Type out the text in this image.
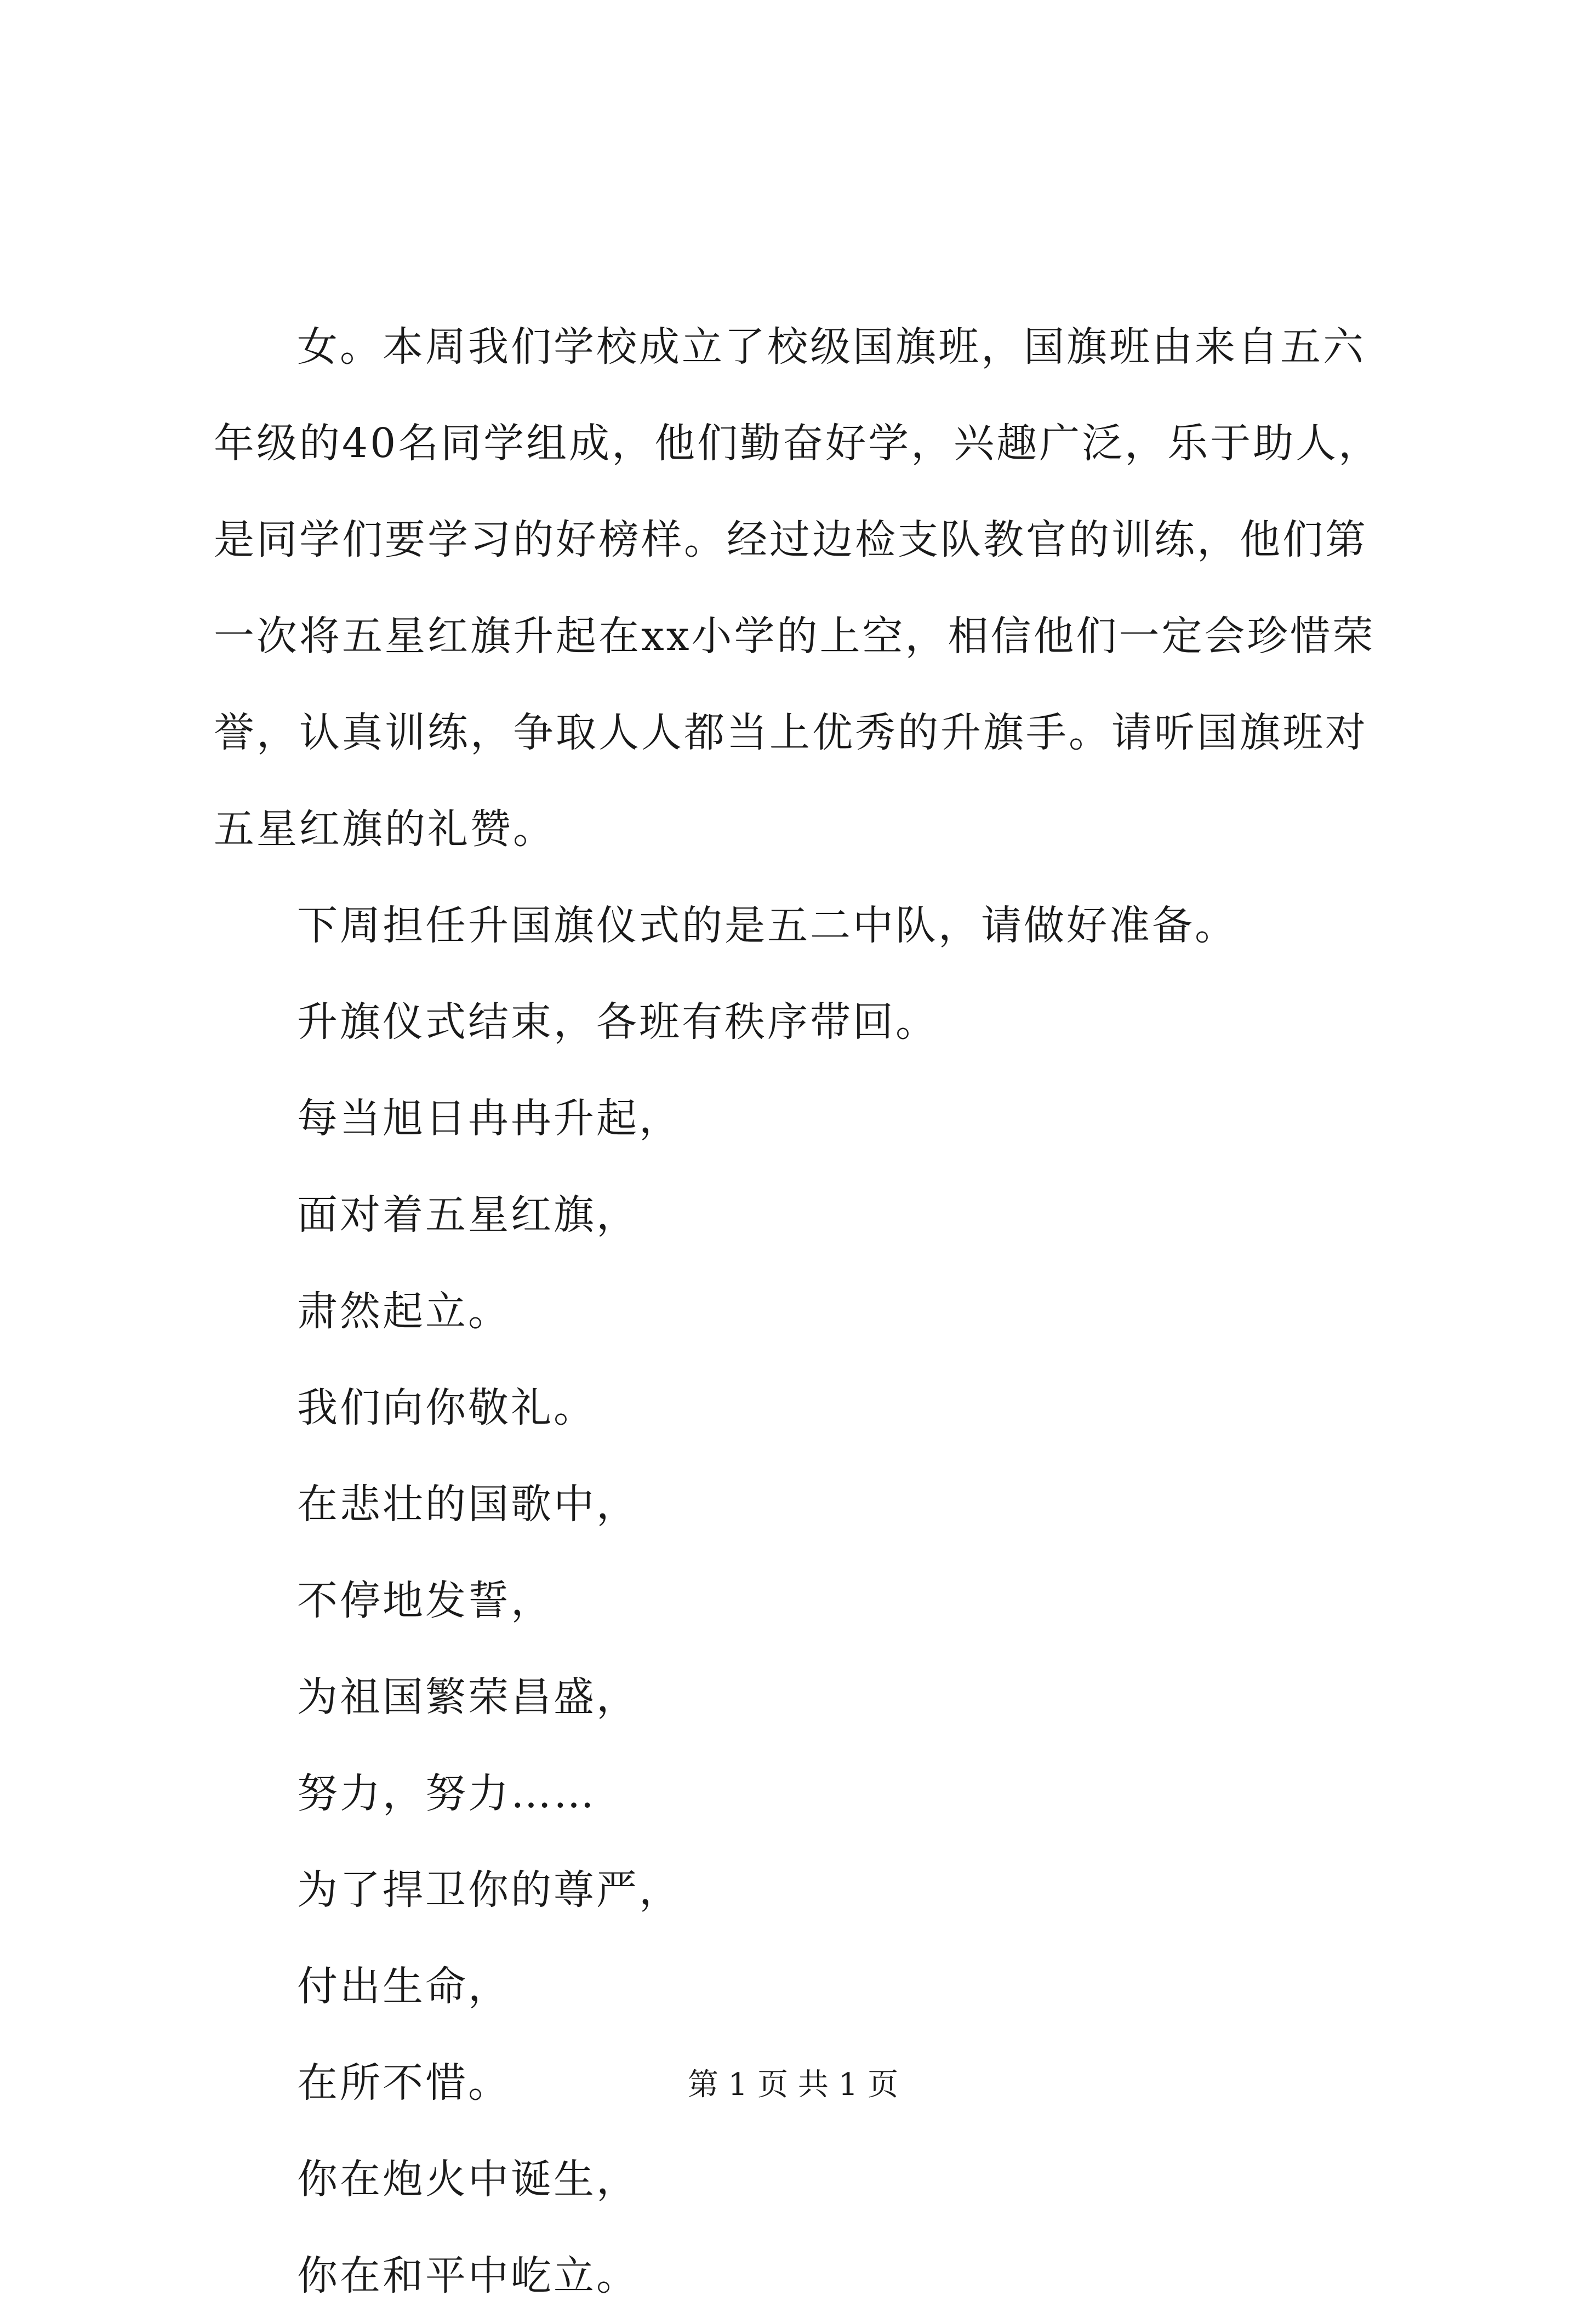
女。本周我们学校成立了校级国旗班，国旗班由来自五六年级的40名同学组成，他们勤奋好学，兴趣广泛，乐于助人，是同学们要学习的好榜样。经过边检支队教官的训练，他们第一次将五星红旗升起在xx小学的上空，相信他们一定会珍惜荣誉，认真训练，争取人人都当上优秀的升旗手。请听国旗班对五星红旗的礼赞。

下周担任升国旗仪式的是五二中队，请做好准备。

升旗仪式结束，各班有秩序带回。

每当旭日冉冉升起，

面对着五星红旗，

肃然起立。

我们向你敬礼。

在悲壮的国歌中，

不停地发誓，

为祖国繁荣昌盛，

努力，努力……

为了捍卫你的尊严，

付出生命，

在所不惜。

你在炮火中诞生，

你在和平中屹立。

第 1 页 共 1 页
